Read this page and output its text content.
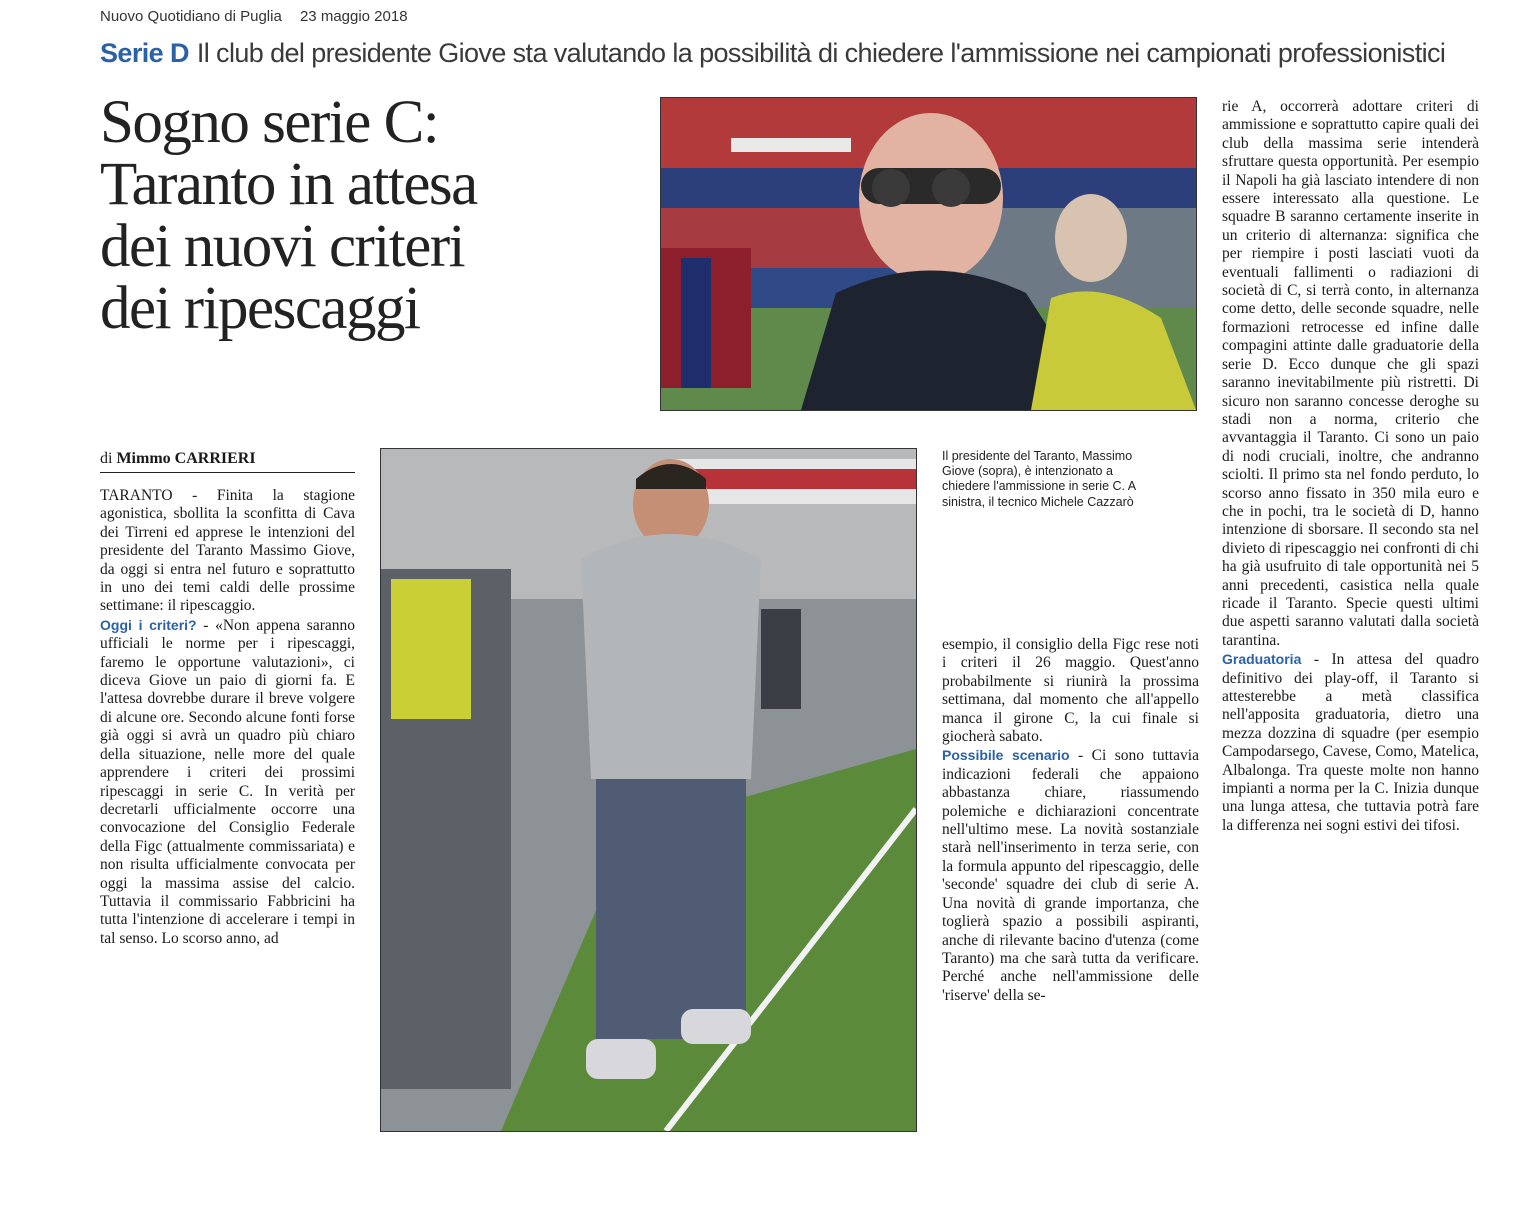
Nuovo Quotidiano di Puglia 23 maggio 2018
Serie D Il club del presidente Giove sta valutando la possibilità di chiedere l'ammissione nei campionati professionistici
Sogno serie C:
Taranto in attesa
dei nuovi criteri
dei ripescaggi
di Mimmo CARRIERI	Il presidente del Taranto, Massimo Giove (sopra), è intenzionato a chiedere l'ammissione in serie C. A sinistra, il tecnico Michele Cazzarò

TARANTO - Finita la stagione agonistica, sbollita la sconfitta di Cava dei Tirreni ed apprese le intenzioni del presidente del Taranto Massimo Giove, da oggi si entra nel futuro e soprattutto in uno dei temi caldi delle prossime settimane: il ripescaggio.

Oggi i criteri? - «Non appena saranno ufficiali le norme per i ripescaggi, faremo le opportune valutazioni», ci diceva Giove un paio di giorni fa. E l'attesa dovrebbe durare il breve volgere di alcune ore. Secondo alcune fonti forse già oggi si avrà un quadro più chiaro della situazione, nelle more del quale apprendere i criteri dei prossimi ripescaggi in serie C. In verità per decretarli ufficialmente occorre una convocazione del Consiglio Federale della Figc (attualmente commissariata) e non risulta ufficialmente convocata per oggi la massima assise del calcio. Tuttavia il commissario Fabbricini ha tutta l'intenzione di accelerare i tempi in tal senso. Lo scorso anno, ad

esempio, il consiglio della Figc rese noti i criteri il 26 maggio. Quest'anno probabilmente si riunirà la prossima settimana, dal momento che all'appello manca il girone C, la cui finale si giocherà sabato.

Possibile scenario - Ci sono tuttavia indicazioni federali che appaiono abbastanza chiare, riassumendo polemiche e dichiarazioni concentrate nell'ultimo mese. La novità sostanziale starà nell'inserimento in terza serie, con la formula appunto del ripescaggio, delle 'seconde' squadre dei club di serie A. Una novità di grande importanza, che toglierà spazio a possibili aspiranti, anche di rilevante bacino d'utenza (come Taranto) ma che sarà tutta da verificare. Perché anche nell'ammissione delle 'riserve' della se-

rie A, occorrerà adottare criteri di ammissione e soprattutto capire quali dei club della massima serie intenderà sfruttare questa opportunità. Per esempio il Napoli ha già lasciato intendere di non essere interessato alla questione. Le squadre B saranno certamente inserite in un criterio di alternanza: significa che per riempire i posti lasciati vuoti da eventuali fallimenti o radiazioni di società di C, si terrà conto, in alternanza come detto, delle seconde squadre, nelle formazioni retrocesse ed infine dalle compagini attinte dalle graduatorie della serie D. Ecco dunque che gli spazi saranno inevitabilmente più ristretti. Di sicuro non saranno concesse deroghe su stadi non a norma, criterio che avvantaggia il Taranto. Ci sono un paio di nodi cruciali, inoltre, che andranno sciolti. Il primo sta nel fondo perduto, lo scorso anno fissato in 350 mila euro e che in pochi, tra le società di D, hanno intenzione di sborsare. Il secondo sta nel divieto di ripescaggio nei confronti di chi ha già usufruito di tale opportunità nei 5 anni precedenti, casistica nella quale ricade il Taranto. Specie questi ultimi due aspetti saranno valutati dalla società tarantina.

Graduatoria - In attesa del quadro definitivo dei play-off, il Taranto si attesterebbe a metà classifica nell'apposita graduatoria, dietro una mezza dozzina di squadre (per esempio Campodarsego, Cavese, Como, Matelica, Albalonga. Tra queste molte non hanno impianti a norma per la C. Inizia dunque una lunga attesa, che tuttavia potrà fare la differenza nei sogni estivi dei tifosi.
